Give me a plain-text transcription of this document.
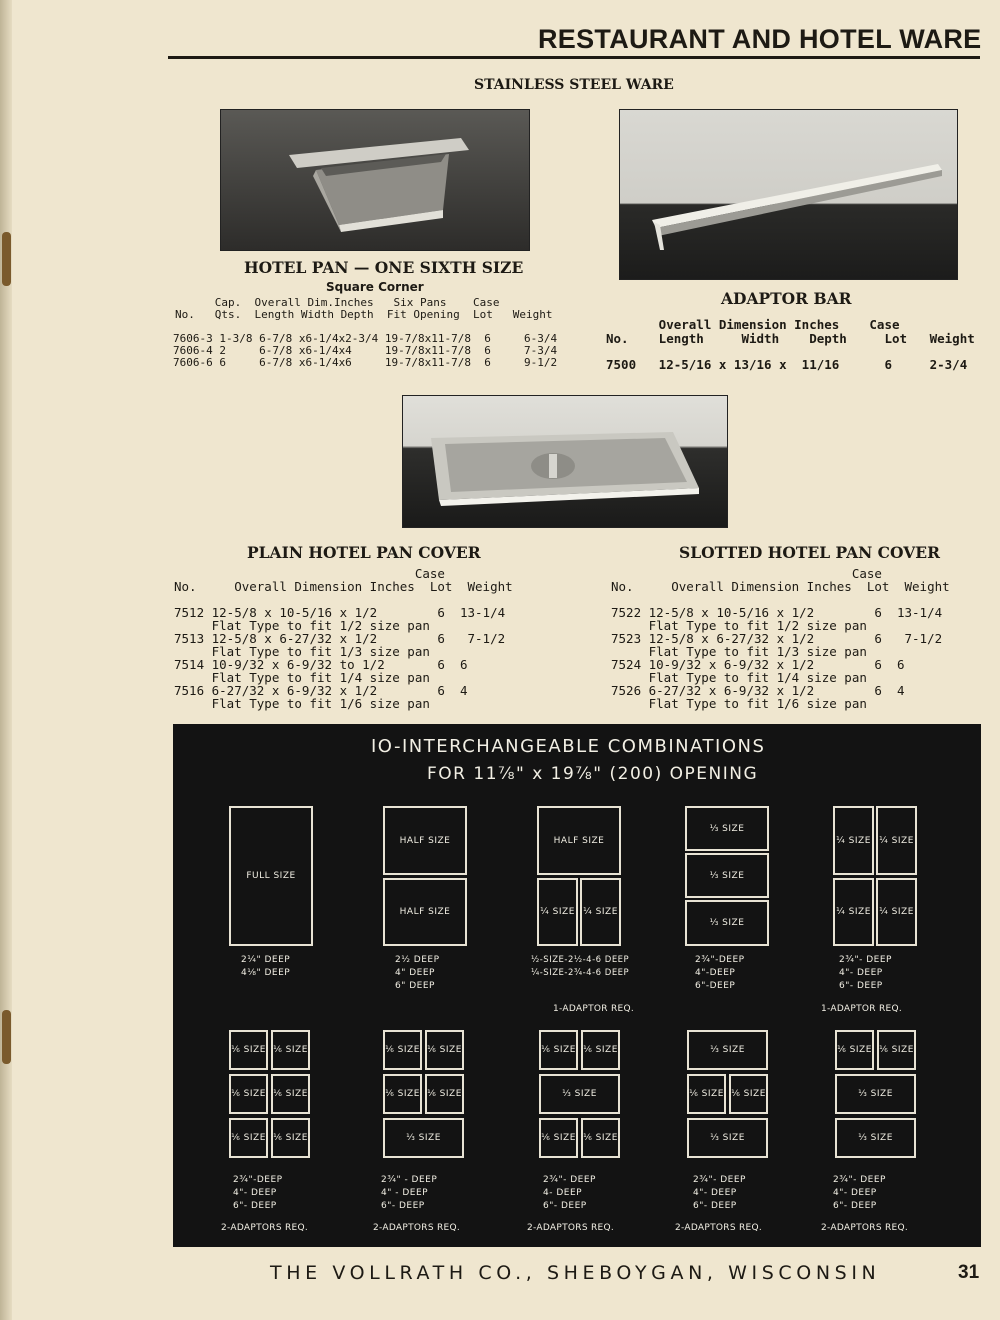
RESTAURANT AND HOTEL WARE
STAINLESS STEEL WARE
HOTEL PAN — ONE SIXTH SIZE
Square Corner
Cap.  Overall Dim.Inches   Six Pans    Case
No.   Qts.  Length Width Depth  Fit Opening  Lot   Weight
7606-3 1-3/8 6-7/8 x6-1/4x2-3/4 19-7/8x11-7/8  6     6-3/4
7606-4 2     6-7/8 x6-1/4x4     19-7/8x11-7/8  6     7-3/4
7606-6 6     6-7/8 x6-1/4x6     19-7/8x11-7/8  6     9-1/2
ADAPTOR BAR
Overall Dimension Inches    Case
No.    Length     Width    Depth     Lot   Weight
7500   12-5/16 x 13/16 x  11/16      6     2-3/4
PLAIN HOTEL PAN COVER
Case
No.     Overall Dimension Inches  Lot  Weight
7512 12-5/8 x 10-5/16 x 1/2        6  13-1/4
Flat Type to fit 1/2 size pan
7513 12-5/8 x 6-27/32 x 1/2        6   7-1/2
Flat Type to fit 1/3 size pan
7514 10-9/32 x 6-9/32 to 1/2       6  6
Flat Type to fit 1/4 size pan
7516 6-27/32 x 6-9/32 x 1/2        6  4
Flat Type to fit 1/6 size pan
SLOTTED HOTEL PAN COVER
Case
No.     Overall Dimension Inches  Lot  Weight
7522 12-5/8 x 10-5/16 x 1/2        6  13-1/4
Flat Type to fit 1/2 size pan
7523 12-5/8 x 6-27/32 x 1/2        6   7-1/2
Flat Type to fit 1/3 size pan
7524 10-9/32 x 6-9/32 x 1/2        6  6
Flat Type to fit 1/4 size pan
7526 6-27/32 x 6-9/32 x 1/2        6  4
Flat Type to fit 1/6 size pan
IO-INTERCHANGEABLE COMBINATIONS
FOR 11⅞" x 19⅞" (200) OPENING
FULL SIZE
2¼" DEEP
4⅛" DEEP
HALF SIZE
HALF SIZE
2½ DEEP
4" DEEP
6" DEEP
HALF SIZE
¼ SIZE ¼ SIZE
½-SIZE-2½-4-6 DEEP
¼-SIZE-2¾-4-6 DEEP
1-ADAPTOR REQ.
⅓ SIZE
⅓ SIZE
⅓ SIZE
2¾"-DEEP
4"-DEEP
6"-DEEP
¼ SIZE ¼ SIZE
¼ SIZE ¼ SIZE
2¾"- DEEP
4"- DEEP
6"- DEEP
1-ADAPTOR REQ.
⅙ SIZE ⅙ SIZE
⅙ SIZE ⅙ SIZE
⅙ SIZE ⅙ SIZE
2¾"-DEEP
4"- DEEP
6"- DEEP
2-ADAPTORS REQ.
⅙ SIZE ⅙ SIZE
⅙ SIZE ⅙ SIZE
⅓ SIZE
2¾" - DEEP
4" - DEEP
6"- DEEP
2-ADAPTORS REQ.
⅙ SIZE ⅙ SIZE
⅓ SIZE
⅙ SIZE ⅙ SIZE
2¾"- DEEP
4- DEEP
6"- DEEP
2-ADAPTORS REQ.
⅓ SIZE
⅙ SIZE ⅙ SIZE
⅓ SIZE
2¾"- DEEP
4"- DEEP
6"- DEEP
2-ADAPTORS REQ.
⅙ SIZE ⅙ SIZE
⅓ SIZE
⅓ SIZE
2¾"- DEEP
4"- DEEP
6"- DEEP
2-ADAPTORS REQ.
THE VOLLRATH CO., SHEBOYGAN, WISCONSIN	31
